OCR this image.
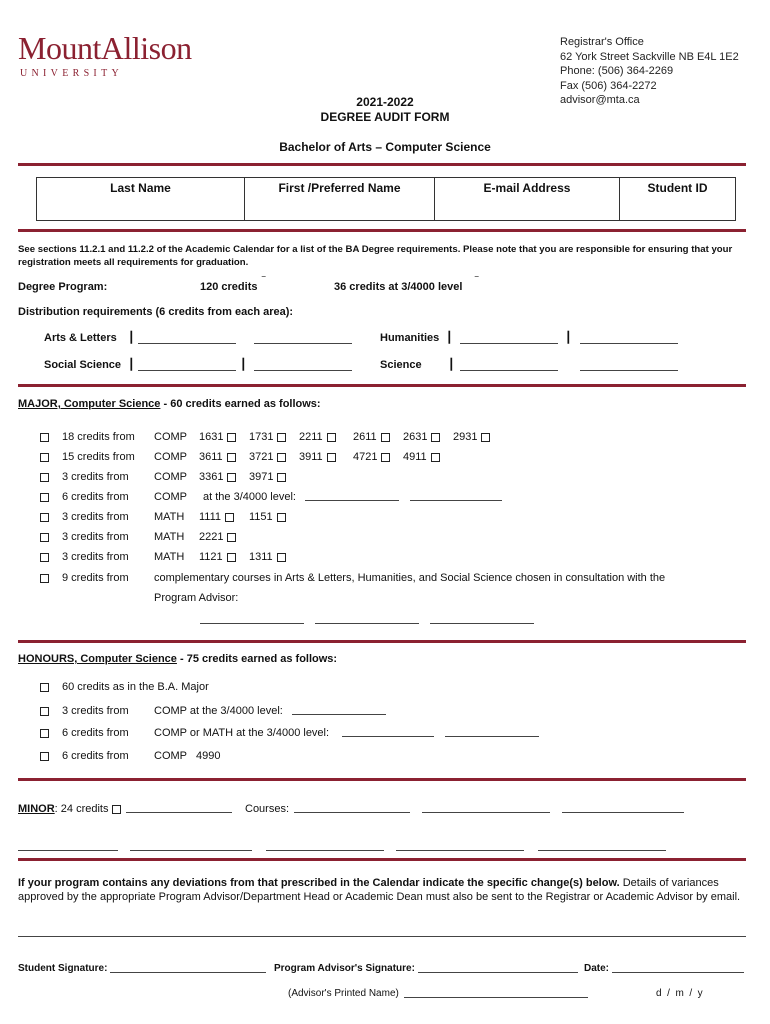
MountAllison
UNIVERSITY
Registrar's Office
62 York Street Sackville NB E4L 1E2
Phone: (506) 364-2269
Fax (506) 364-2272
advisor@mta.ca
2021-2022
DEGREE AUDIT FORM
Bachelor of Arts – Computer Science
Last Name	First /Preferred Name	E-mail Address	Student ID
See sections 11.2.1 and 11.2.2 of the Academic Calendar for a list of the BA Degree requirements. Please note that you are responsible for ensuring that your registration meets all requirements for graduation.
Degree Program:	120 credits ‾	36 credits at 3/4000 level ‾
Distribution requirements (6 credits from each area):
Arts & Letters ┃	Humanities ┃	┃
Social Science ┃	┃	Science ┃
MAJOR, Computer Science - 60 credits earned as follows:
18 credits from COMP 1631	1731	2211	2611	2631	2931
15 credits from COMP 3611	3721	3911	4721	4911
3 credits from COMP 3361	3971
6 credits from COMP at the 3/4000 level:
3 credits from MATH 1111	1151
3 credits from MATH 2221
3 credits from MATH 1121	1311
9 credits from complementary courses in Arts & Letters, Humanities, and Social Science chosen in consultation with the
Program Advisor:
HONOURS, Computer Science - 75 credits earned as follows:
60 credits as in the B.A. Major
3 credits from COMP at the 3/4000 level:
6 credits from COMP or MATH at the 3/4000 level:
6 credits from COMP   4990
MINOR: 24 credits	Courses:
If your program contains any deviations from that prescribed in the Calendar indicate the specific change(s) below. Details of variances approved by the appropriate Program Advisor/Department Head or Academic Dean must also be sent to the Registrar or Academic Advisor by email.
Student Signature:	Program Advisor's Signature:	Date:
(Advisor's Printed Name)	d  /  m  /  y
